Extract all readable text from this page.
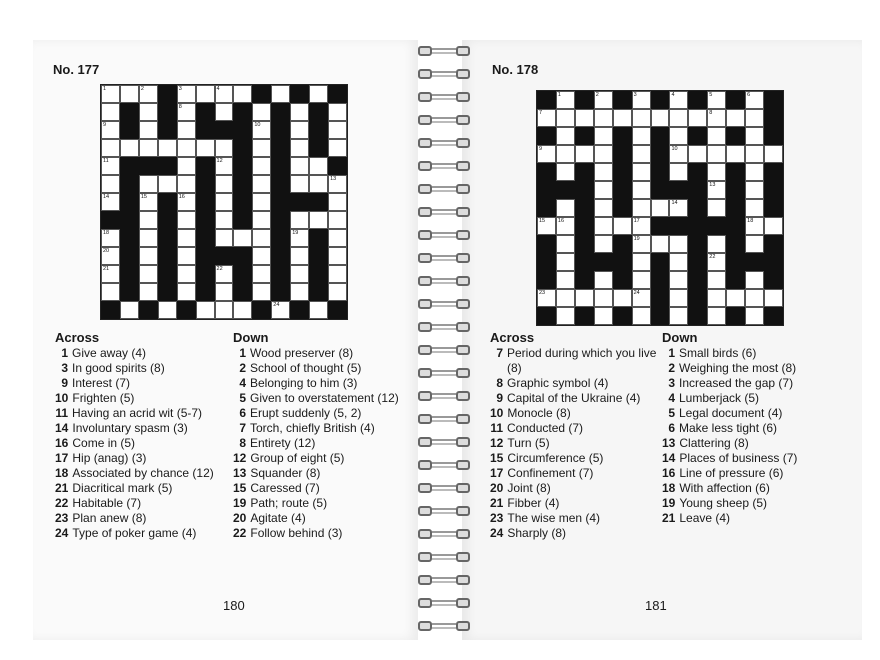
No. 177
1	2	3	4
8
9	10
11	12
13
14	15	16
18	19
20
21	22
24
Across
1 Give away (4)
3 In good spirits (8)
9 Interest (7)
10 Frighten (5)
11 Having an acrid wit (5-7)
14 Involuntary spasm (3)
16 Come in (5)
17 Hip (anag) (3)
18 Associated by chance (12)
21 Diacritical mark (5)
22 Habitable (7)
23 Plan anew (8)
24 Type of poker game (4)
Down
1 Wood preserver (8)
2 School of thought (5)
4 Belonging to him (3)
5 Given to overstatement (12)
6 Erupt suddenly (5, 2)
7 Torch, chiefly British (4)
8 Entirety (12)
12 Group of eight (5)
13 Squander (8)
15 Caressed (7)
19 Path; route (5)
20 Agitate (4)
22 Follow behind (3)
180
No. 178
1	2	3	4	5	6
7	8
9	10
13
14
15 16	17	18
19
22
23	24
Across
7 Period during which you live (8)
8 Graphic symbol (4)
9 Capital of the Ukraine (4)
10 Monocle (8)
11 Conducted (7)
12 Turn (5)
15 Circumference (5)
17 Confinement (7)
20 Joint (8)
21 Fibber (4)
23 The wise men (4)
24 Sharply (8)
Down
1 Small birds (6)
2 Weighing the most (8)
3 Increased the gap (7)
4 Lumberjack (5)
5 Legal document (4)
6 Make less tight (6)
13 Clattering (8)
14 Places of business (7)
16 Line of pressure (6)
18 With affection (6)
19 Young sheep (5)
21 Leave (4)
181
